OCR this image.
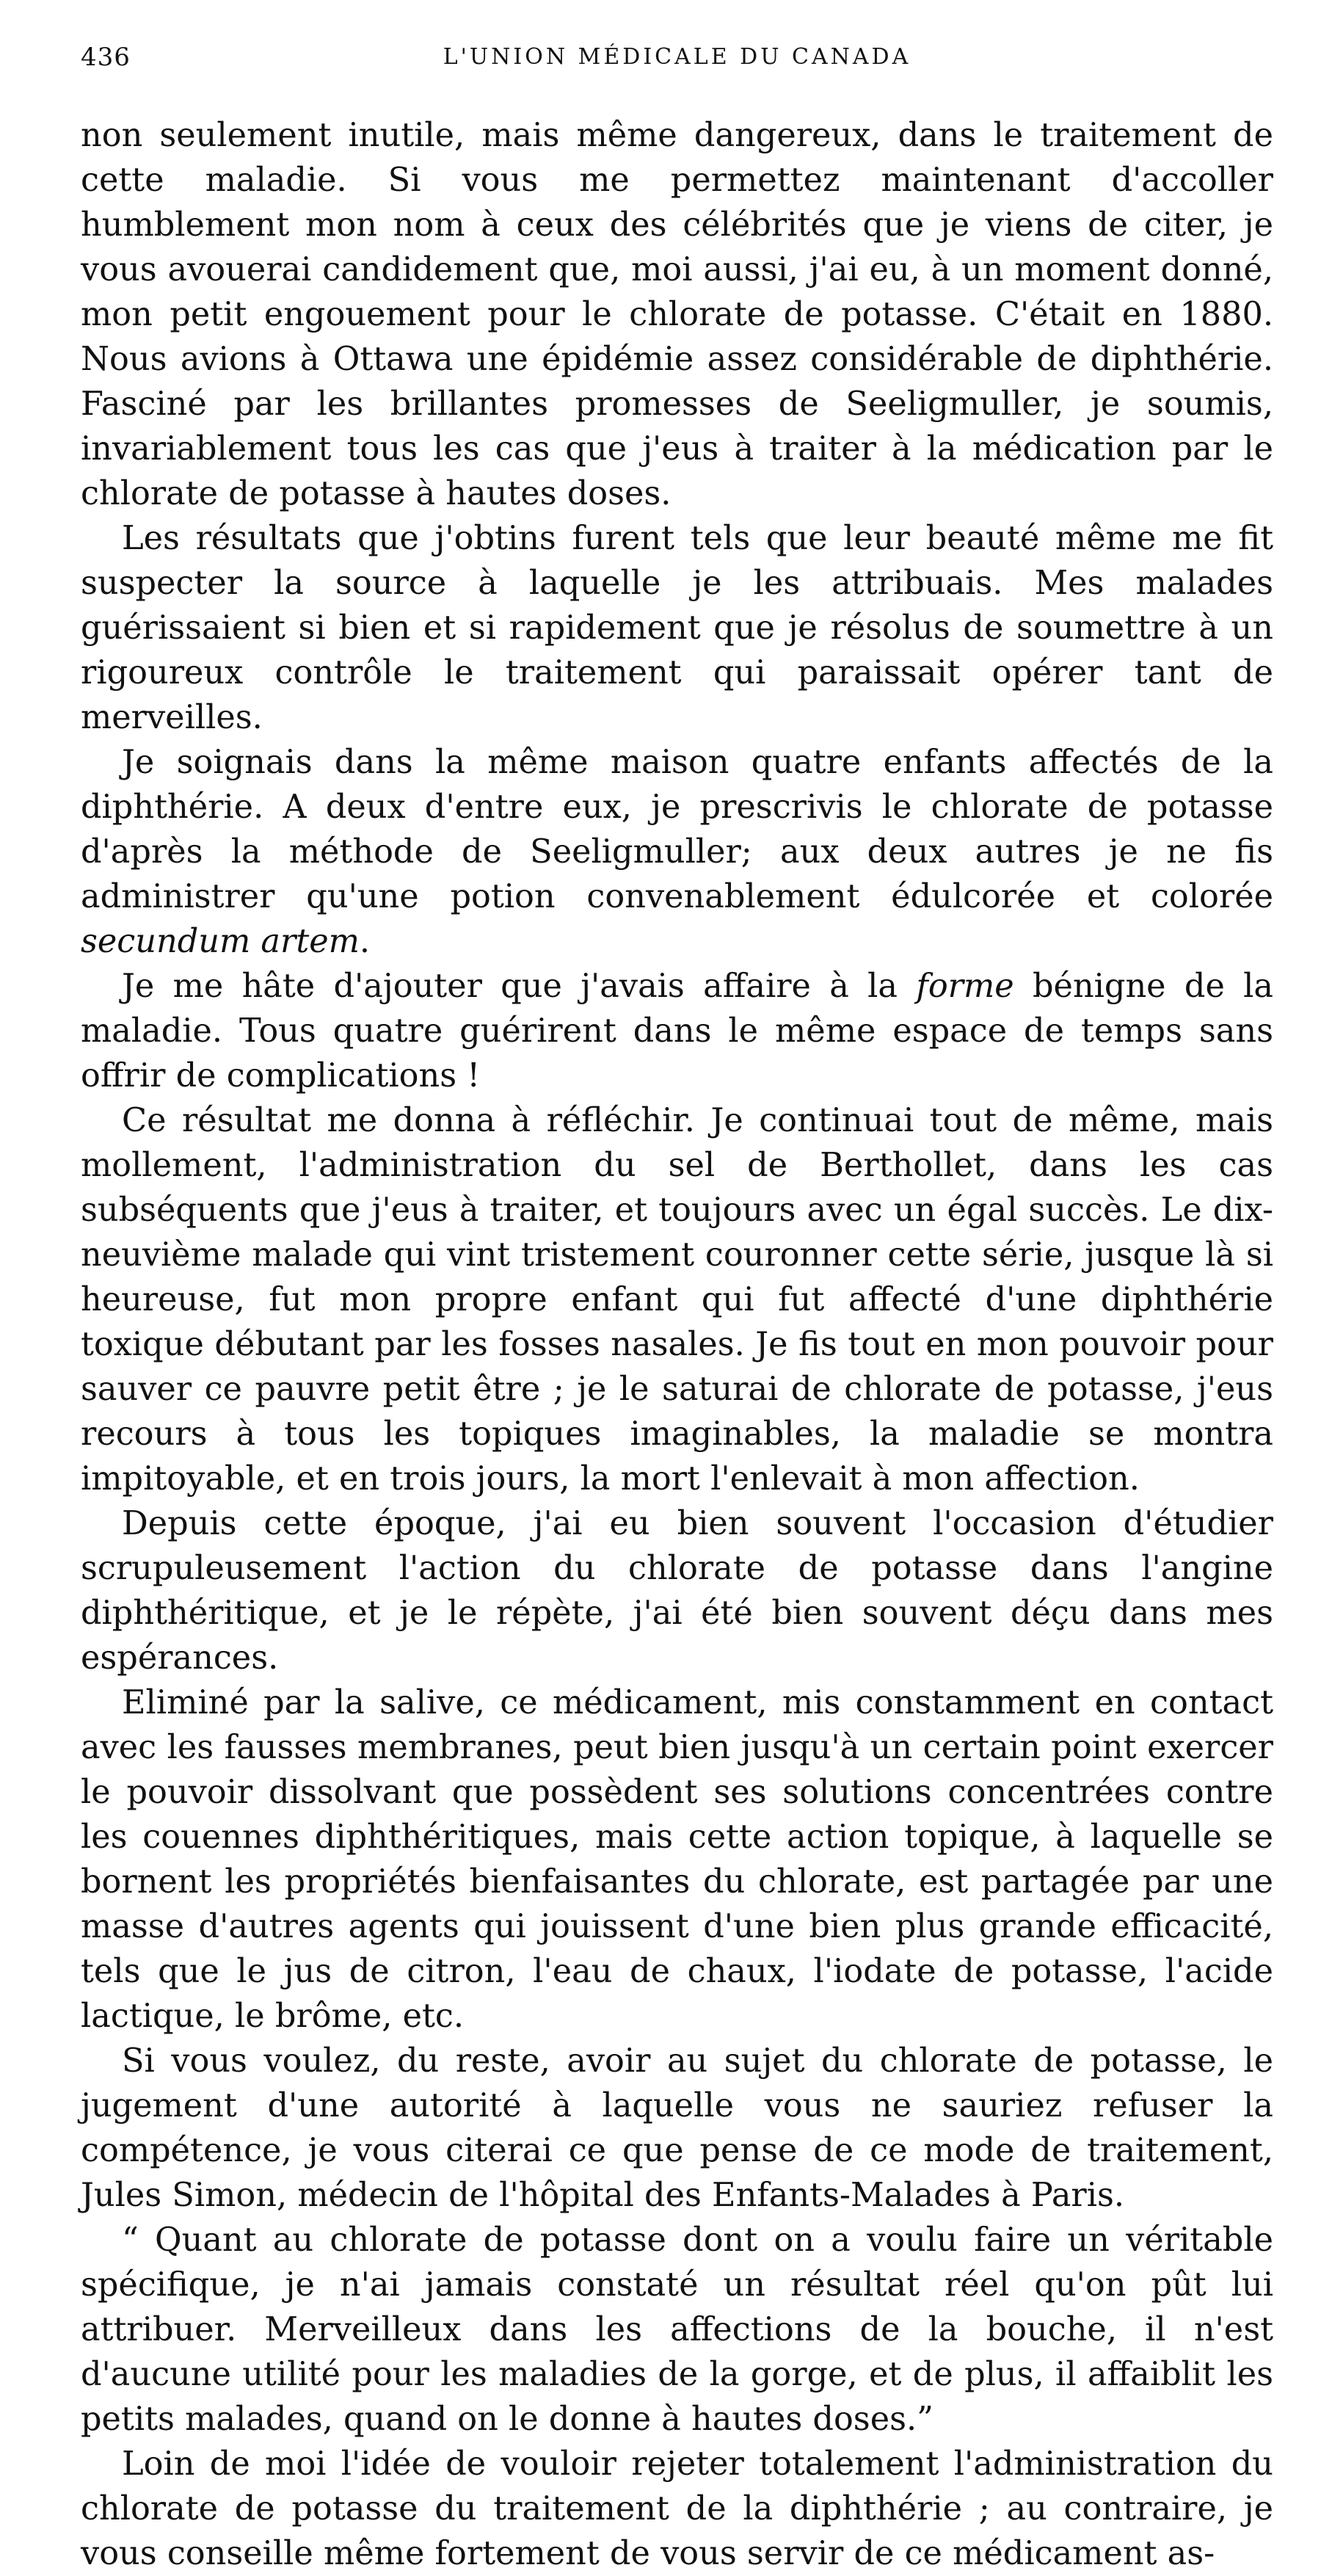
436	L'UNION MÉDICALE DU CANADA

non seulement inutile, mais même dangereux, dans le traitement de cette maladie. Si vous me permettez maintenant d'accoller humblement mon nom à ceux des célébrités que je viens de citer, je vous avouerai candidement que, moi aussi, j'ai eu, à un moment donné, mon petit engouement pour le chlorate de potasse. C'était en 1880. Nous avions à Ottawa une épidémie assez considérable de diphthérie. Fasciné par les brillantes promesses de Seeligmuller, je soumis, invariablement tous les cas que j'eus à traiter à la médication par le chlorate de potasse à hautes doses.

Les résultats que j'obtins furent tels que leur beauté même me fit suspecter la source à laquelle je les attribuais. Mes malades guérissaient si bien et si rapidement que je résolus de soumettre à un rigoureux contrôle le traitement qui paraissait opérer tant de merveilles.

Je soignais dans la même maison quatre enfants affectés de la diphthérie. A deux d'entre eux, je prescrivis le chlorate de potasse d'après la méthode de Seeligmuller; aux deux autres je ne fis administrer qu'une potion convenablement édulcorée et colorée secundum artem.

Je me hâte d'ajouter que j'avais affaire à la forme bénigne de la maladie. Tous quatre guérirent dans le même espace de temps sans offrir de complications !

Ce résultat me donna à réfléchir. Je continuai tout de même, mais mollement, l'administration du sel de Berthollet, dans les cas subséquents que j'eus à traiter, et toujours avec un égal succès. Le dix-neuvième malade qui vint tristement couronner cette série, jusque là si heureuse, fut mon propre enfant qui fut affecté d'une diphthérie toxique débutant par les fosses nasales. Je fis tout en mon pouvoir pour sauver ce pauvre petit être ; je le saturai de chlorate de potasse, j'eus recours à tous les topiques imaginables, la maladie se montra impitoyable, et en trois jours, la mort l'enlevait à mon affection.

Depuis cette époque, j'ai eu bien souvent l'occasion d'étudier scrupuleusement l'action du chlorate de potasse dans l'angine diphthéritique, et je le répète, j'ai été bien souvent déçu dans mes espérances.

Eliminé par la salive, ce médicament, mis constamment en contact avec les fausses membranes, peut bien jusqu'à un certain point exercer le pouvoir dissolvant que possèdent ses solutions concentrées contre les couennes diphthéritiques, mais cette action topique, à laquelle se bornent les propriétés bienfaisantes du chlorate, est partagée par une masse d'autres agents qui jouissent d'une bien plus grande efficacité, tels que le jus de citron, l'eau de chaux, l'iodate de potasse, l'acide lactique, le brôme, etc.

Si vous voulez, du reste, avoir au sujet du chlorate de potasse, le jugement d'une autorité à laquelle vous ne sauriez refuser la compétence, je vous citerai ce que pense de ce mode de traitement, Jules Simon, médecin de l'hôpital des Enfants-Malades à Paris.

“ Quant au chlorate de potasse dont on a voulu faire un véritable spécifique, je n'ai jamais constaté un résultat réel qu'on pût lui attribuer. Merveilleux dans les affections de la bouche, il n'est d'aucune utilité pour les maladies de la gorge, et de plus, il affaiblit les petits malades, quand on le donne à hautes doses.”

Loin de moi l'idée de vouloir rejeter totalement l'administration du chlorate de potasse du traitement de la diphthérie ; au contraire, je vous conseille même fortement de vous servir de ce médicament as-
